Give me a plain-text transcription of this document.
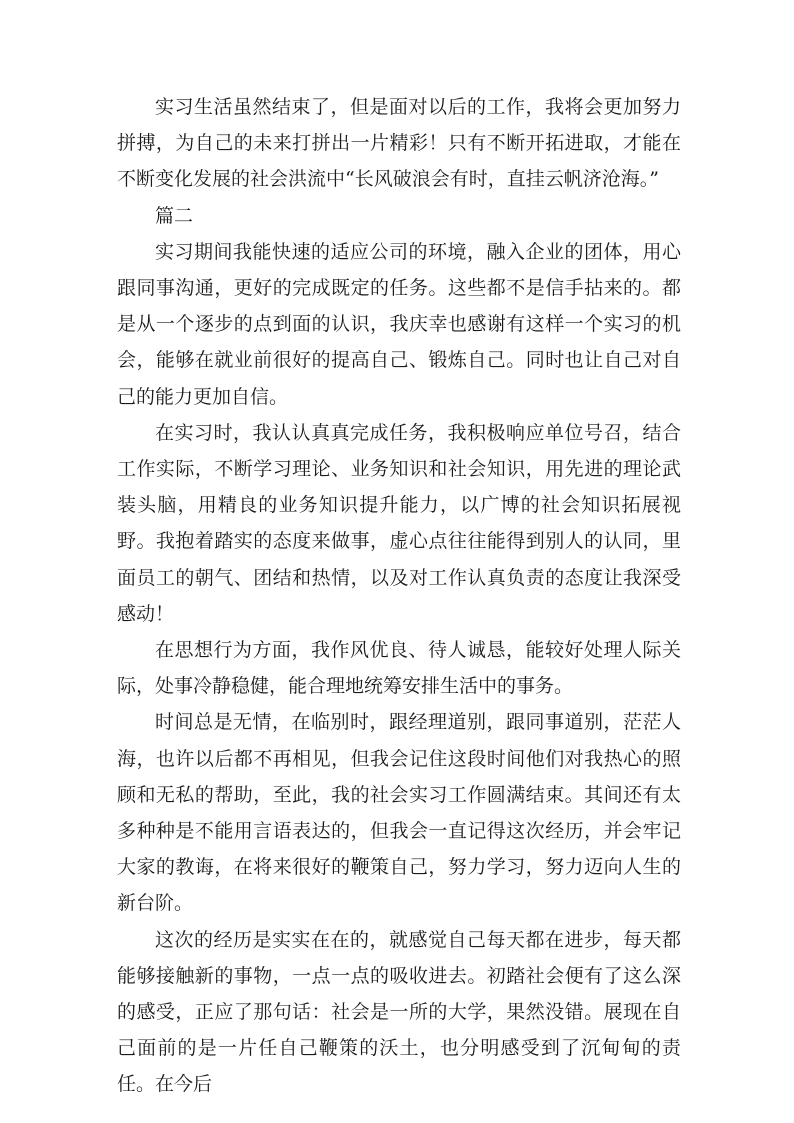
实习生活虽然结束了，但是面对以后的工作，我将会更加努力拼搏，为自己的未来打拼出一片精彩！只有不断开拓进取，才能在不断变化发展的社会洪流中“长风破浪会有时，直挂云帆济沧海。”

篇二

实习期间我能快速的适应公司的环境，融入企业的团体，用心跟同事沟通，更好的完成既定的任务。这些都不是信手拈来的。都是从一个逐步的点到面的认识，我庆幸也感谢有这样一个实习的机会，能够在就业前很好的提高自己、锻炼自己。同时也让自己对自己的能力更加自信。

在实习时，我认认真真完成任务，我积极响应单位号召，结合工作实际，不断学习理论、业务知识和社会知识，用先进的理论武装头脑，用精良的业务知识提升能力，以广博的社会知识拓展视野。我抱着踏实的态度来做事，虚心点往往能得到别人的认同，里面员工的朝气、团结和热情，以及对工作认真负责的态度让我深受感动！

在思想行为方面，我作风优良、待人诚恳，能较好处理人际关际，处事冷静稳健，能合理地统筹安排生活中的事务。

时间总是无情，在临别时，跟经理道别，跟同事道别，茫茫人海，也许以后都不再相见，但我会记住这段时间他们对我热心的照顾和无私的帮助，至此，我的社会实习工作圆满结束。其间还有太多种种是不能用言语表达的，但我会一直记得这次经历，并会牢记大家的教诲，在将来很好的鞭策自己，努力学习，努力迈向人生的新台阶。

这次的经历是实实在在的，就感觉自己每天都在进步，每天都能够接触新的事物，一点一点的吸收进去。初踏社会便有了这么深的感受，正应了那句话：社会是一所的大学，果然没错。展现在自己面前的是一片任自己鞭策的沃土，也分明感受到了沉甸甸的责任。在今后
